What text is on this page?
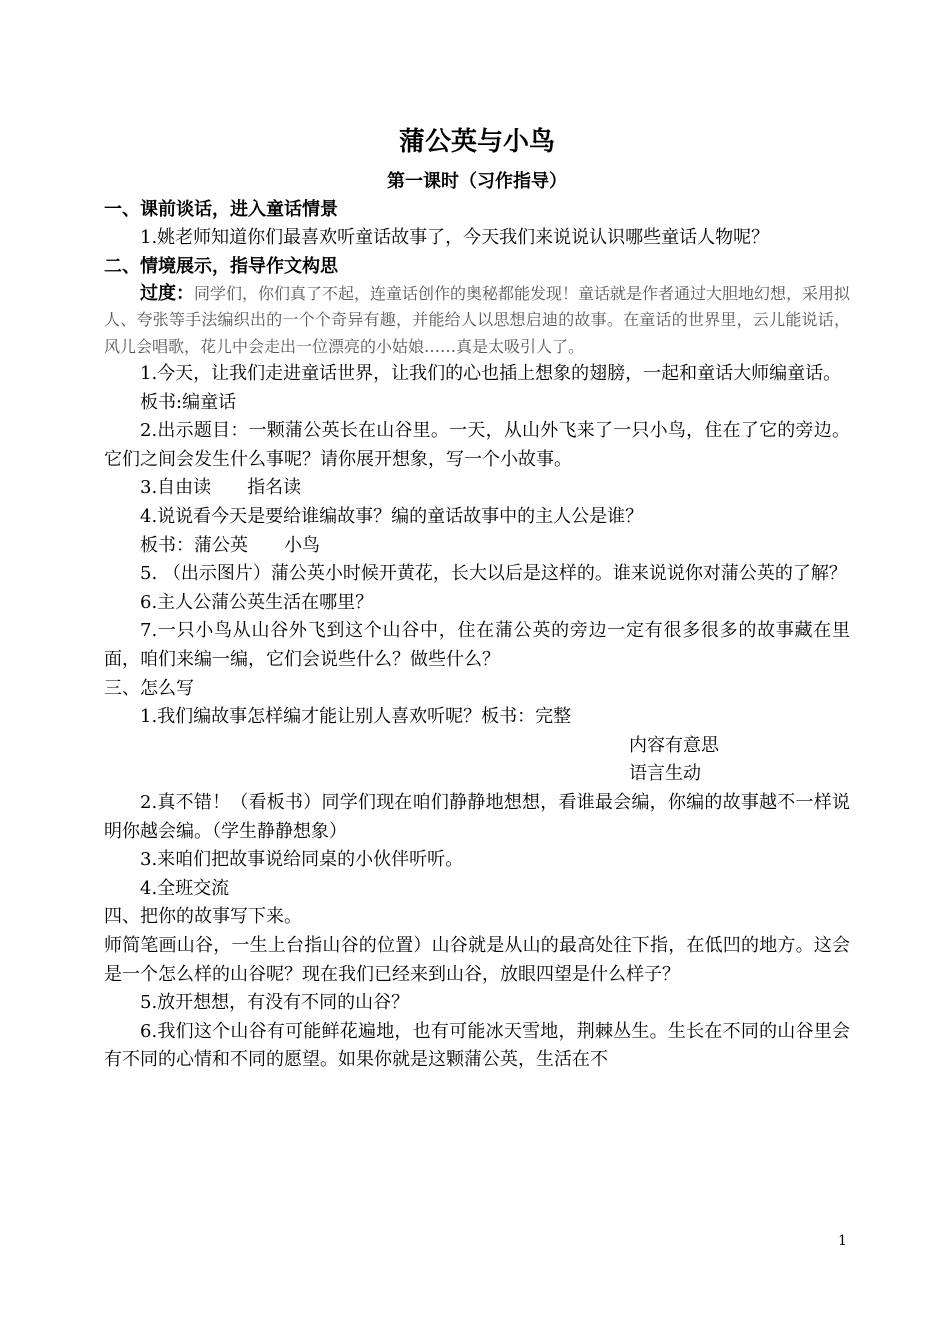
蒲公英与小鸟
第一课时（习作指导）
一、课前谈话，进入童话情景

1.姚老师知道你们最喜欢听童话故事了，今天我们来说说认识哪些童话人物呢？

二、情境展示，指导作文构思

过度：同学们，你们真了不起，连童话创作的奥秘都能发现！童话就是作者通过大胆地幻想，采用拟人、夸张等手法编织出的一个个奇异有趣，并能给人以思想启迪的故事。在童话的世界里，云儿能说话，风儿会唱歌，花儿中会走出一位漂亮的小姑娘……真是太吸引人了。

1.今天，让我们走进童话世界，让我们的心也插上想象的翅膀，一起和童话大师编童话。

板书:编童话

2.出示题目：一颗蒲公英长在山谷里。一天，从山外飞来了一只小鸟，住在了它的旁边。它们之间会发生什么事呢？请你展开想象，写一个小故事。

3.自由读 指名读

4.说说看今天是要给谁编故事？编的童话故事中的主人公是谁？

板书：蒲公英 小鸟

5. （出示图片）蒲公英小时候开黄花，长大以后是这样的。谁来说说你对蒲公英的了解？

6.主人公蒲公英生活在哪里？

7.一只小鸟从山谷外飞到这个山谷中，住在蒲公英的旁边一定有很多很多的故事藏在里面，咱们来编一编，它们会说些什么？做些什么？

三、怎么写

1.我们编故事怎样编才能让别人喜欢听呢？板书：完整

内容有意思

语言生动

2.真不错！（看板书）同学们现在咱们静静地想想，看谁最会编，你编的故事越不一样说明你越会编。（学生静静想象）

3.来咱们把故事说给同桌的小伙伴听听。

4.全班交流

四、把你的故事写下来。

师简笔画山谷，一生上台指山谷的位置）山谷就是从山的最高处往下指，在低凹的地方。这会是一个怎么样的山谷呢？现在我们已经来到山谷，放眼四望是什么样子？

5.放开想想，有没有不同的山谷？

6.我们这个山谷有可能鲜花遍地，也有可能冰天雪地，荆棘丛生。生长在不同的山谷里会有不同的心情和不同的愿望。如果你就是这颗蒲公英，生活在不

1
